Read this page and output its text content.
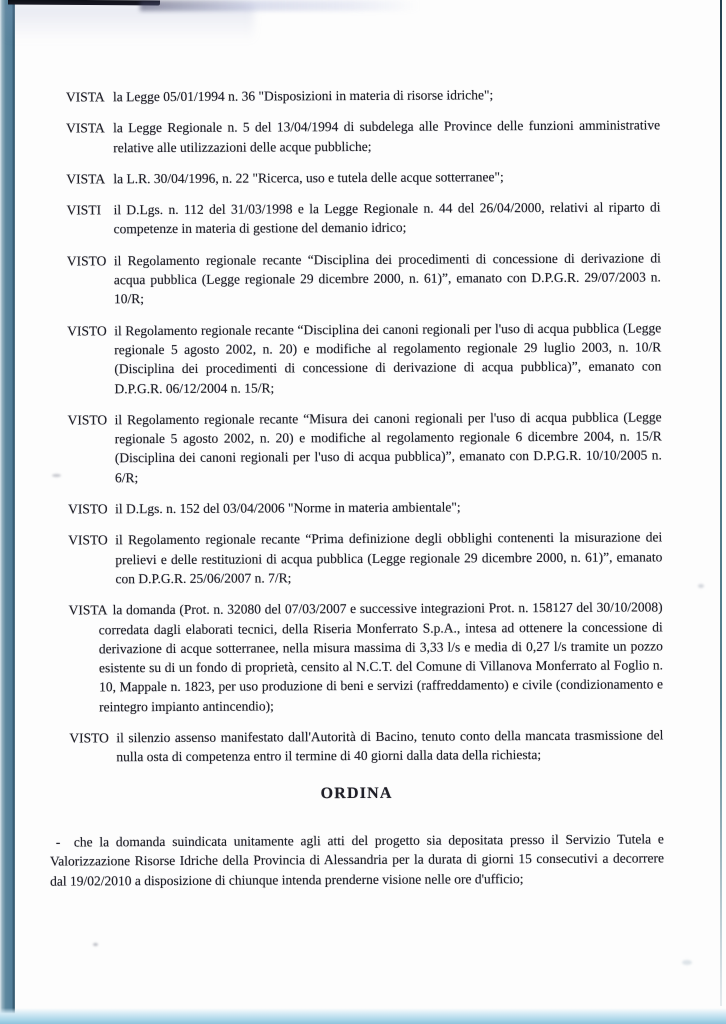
VISTA la Legge 05/01/1994 n. 36 "Disposizioni in materia di risorse idriche";

VISTA la Legge Regionale n. 5 del 13/04/1994 di subdelega alle Province delle funzioni amministrative relative alle utilizzazioni delle acque pubbliche;

VISTA la L.R. 30/04/1996, n. 22 "Ricerca, uso e tutela delle acque sotterranee";

VISTI il D.Lgs. n. 112 del 31/03/1998 e la Legge Regionale n. 44 del 26/04/2000, relativi al riparto di competenze in materia di gestione del demanio idrico;

VISTO il Regolamento regionale recante “Disciplina dei procedimenti di concessione di derivazione di acqua pubblica (Legge regionale 29 dicembre 2000, n. 61)”, emanato con D.P.G.R. 29/07/2003 n. 10/R;

VISTO il Regolamento regionale recante “Disciplina dei canoni regionali per l'uso di acqua pubblica (Legge regionale 5 agosto 2002, n. 20) e modifiche al regolamento regionale 29 luglio 2003, n. 10/R (Disciplina dei procedimenti di concessione di derivazione di acqua pubblica)”, emanato con D.P.G.R. 06/12/2004 n. 15/R;

VISTO il Regolamento regionale recante “Misura dei canoni regionali per l'uso di acqua pubblica (Legge regionale 5 agosto 2002, n. 20) e modifiche al regolamento regionale 6 dicembre 2004, n. 15/R (Disciplina dei canoni regionali per l'uso di acqua pubblica)”, emanato con D.P.G.R. 10/10/2005 n. 6/R;

VISTO il D.Lgs. n. 152 del 03/04/2006 "Norme in materia ambientale";

VISTO il Regolamento regionale recante “Prima definizione degli obblighi contenenti la misurazione dei prelievi e delle restituzioni di acqua pubblica (Legge regionale 29 dicembre 2000, n. 61)”, emanato con D.P.G.R. 25/06/2007 n. 7/R;

VISTA la domanda (Prot. n. 32080 del 07/03/2007 e successive integrazioni Prot. n. 158127 del 30/10/2008) corredata dagli elaborati tecnici, della Riseria Monferrato S.p.A., intesa ad ottenere la concessione di derivazione di acque sotterranee, nella misura massima di 3,33 l/s e media di 0,27 l/s tramite un pozzo esistente su di un fondo di proprietà, censito al N.C.T. del Comune di Villanova Monferrato al Foglio n. 10, Mappale n. 1823, per uso produzione di beni e servizi (raffreddamento) e civile (condizionamento e reintegro impianto antincendio);

VISTO il silenzio assenso manifestato dall'Autorità di Bacino, tenuto conto della mancata trasmissione del nulla osta di competenza entro il termine di 40 giorni dalla data della richiesta;

ORDINA

- che la domanda suindicata unitamente agli atti del progetto sia depositata presso il Servizio Tutela e Valorizzazione Risorse Idriche della Provincia di Alessandria per la durata di giorni 15 consecutivi a decorrere dal 19/02/2010 a disposizione di chiunque intenda prenderne visione nelle ore d'ufficio;
